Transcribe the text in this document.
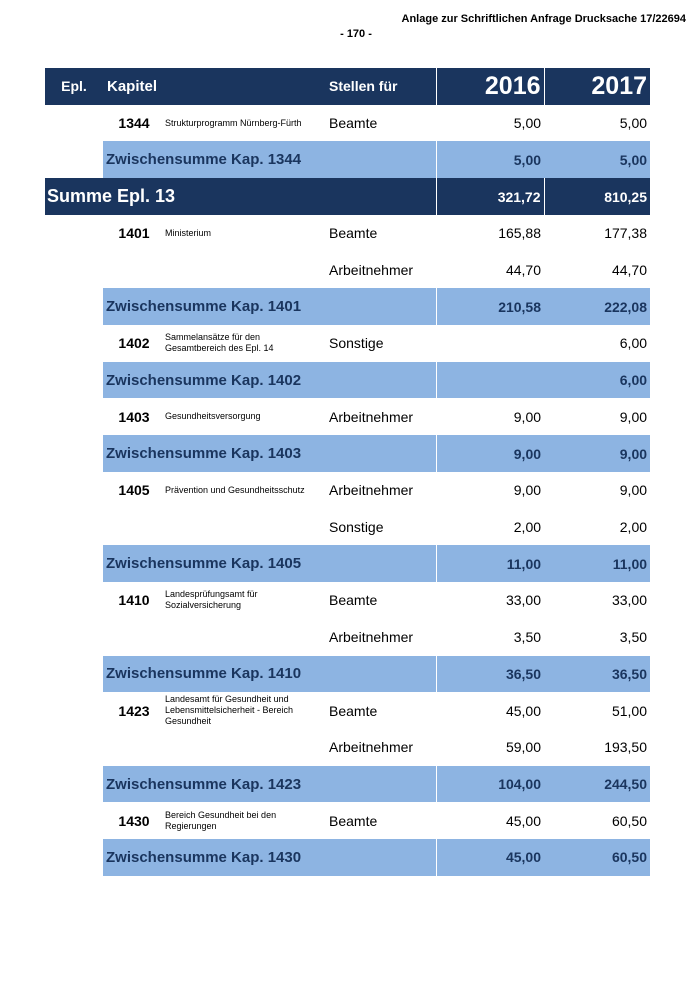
Anlage zur Schriftlichen Anfrage Drucksache 17/22694
- 170 -
Epl.	Kapitel		Stellen für	2016	2017
	1344	Strukturprogramm Nürnberg-Fürth	Beamte	5,00	5,00
	Zwischensumme Kap. 1344			5,00	5,00
Summe Epl. 13				321,72	810,25
14	1401	Ministerium	Beamte	165,88	177,38
			Arbeitnehmer	44,70	44,70
	Zwischensumme Kap. 1401			210,58	222,08
	1402	Sammelansätze für den Gesamtbereich des Epl. 14	Sonstige		6,00
	Zwischensumme Kap. 1402				6,00
	1403	Gesundheitsversorgung	Arbeitnehmer	9,00	9,00
	Zwischensumme Kap. 1403			9,00	9,00
	1405	Prävention und Gesundheitsschutz	Arbeitnehmer	9,00	9,00
			Sonstige	2,00	2,00
	Zwischensumme Kap. 1405			11,00	11,00
	1410	Landesprüfungsamt für Sozialversicherung	Beamte	33,00	33,00
			Arbeitnehmer	3,50	3,50
	Zwischensumme Kap. 1410			36,50	36,50
	1423	Landesamt für Gesundheit und Lebensmittelsicherheit - Bereich Gesundheit	Beamte	45,00	51,00
			Arbeitnehmer	59,00	193,50
	Zwischensumme Kap. 1423			104,00	244,50
	1430	Bereich Gesundheit bei den Regierungen	Beamte	45,00	60,50
	Zwischensumme Kap. 1430			45,00	60,50
